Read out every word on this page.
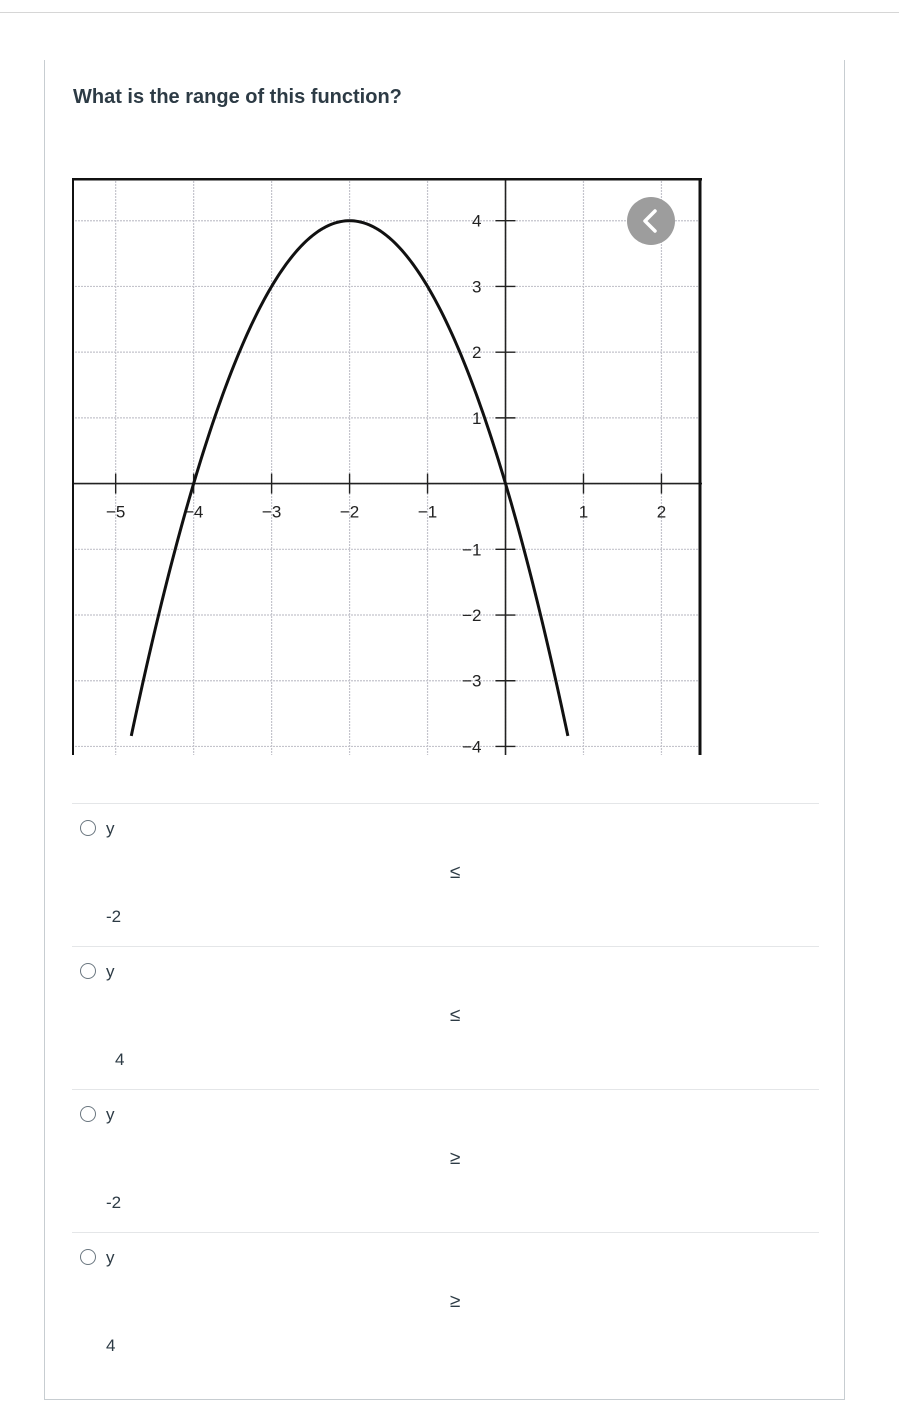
What is the range of this function?
−5	−4	−3	−2	−1	1	2
4
3
2
1
−1
−2
−3
−4
y
≤
-2
y
≤
4
y
≥
-2
y
≥
4
